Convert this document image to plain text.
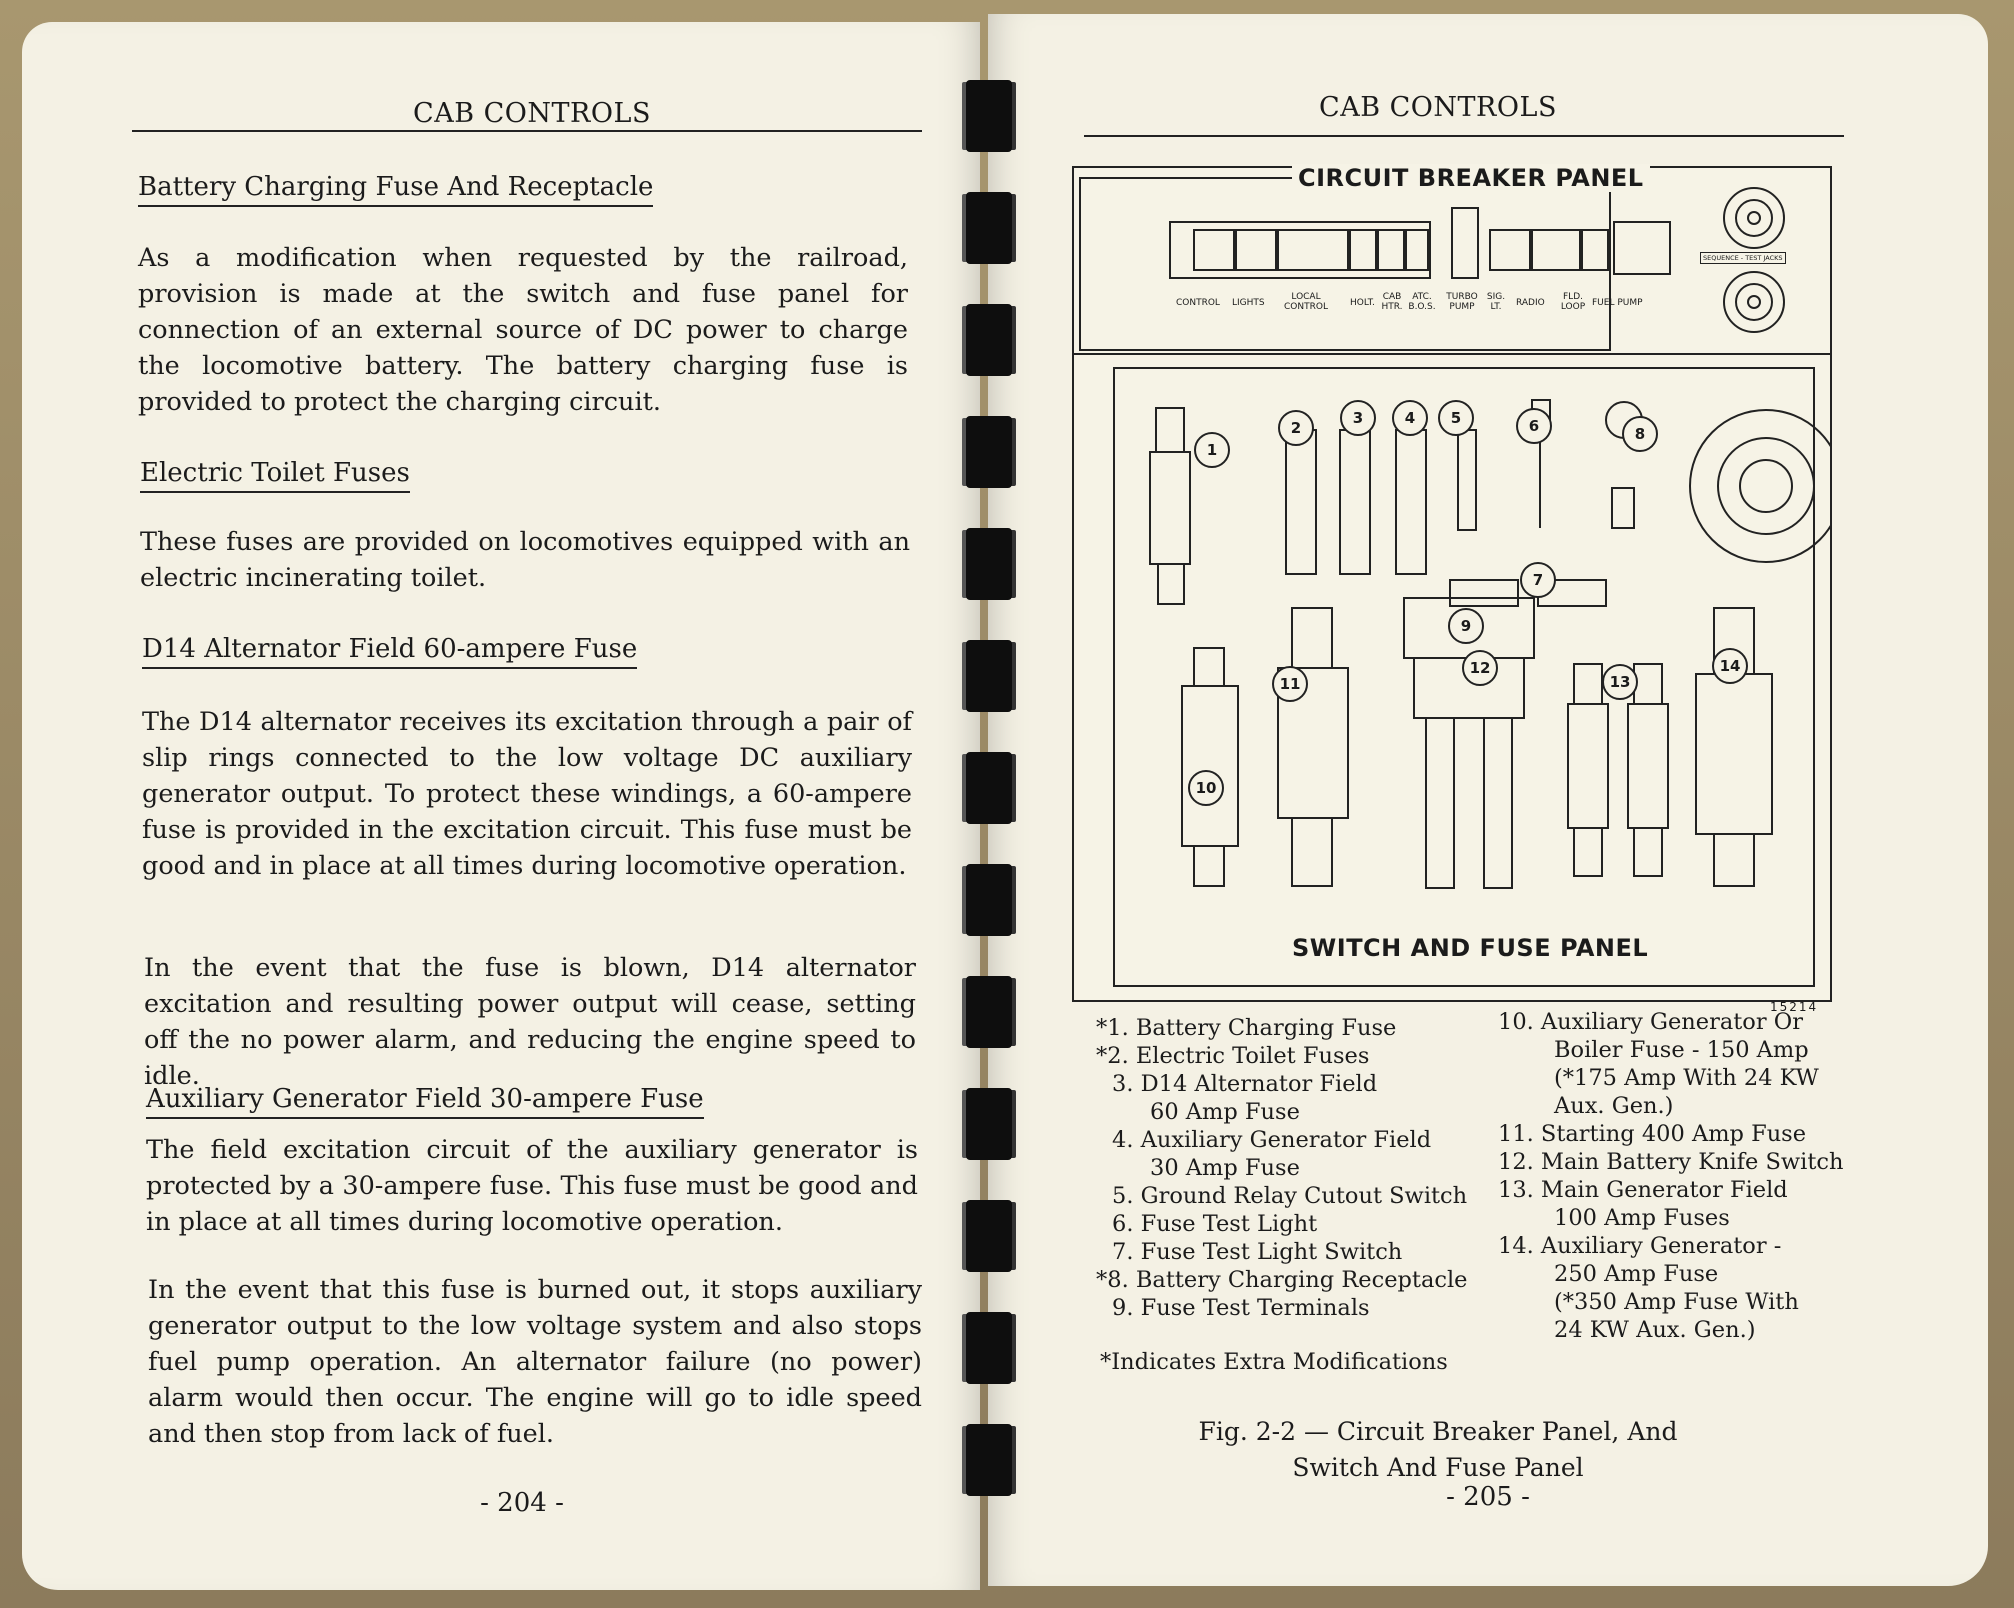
CAB CONTROLS
Battery Charging Fuse And Receptacle
As a modification when requested by the railroad, provision is made at the switch and fuse panel for connection of an external source of DC power to charge the locomotive battery. The battery charging fuse is provided to protect the charging circuit.
Electric Toilet Fuses
These fuses are provided on locomotives equipped with an electric incinerating toilet.
D14 Alternator Field 60-ampere Fuse
The D14 alternator receives its excitation through a pair of slip rings connected to the low voltage DC auxiliary generator output. To protect these windings, a 60-ampere fuse is provided in the excitation circuit. This fuse must be good and in place at all times during locomotive operation.
In the event that the fuse is blown, D14 alternator excitation and resulting power output will cease, setting off the no power alarm, and reducing the engine speed to idle.
Auxiliary Generator Field 30-ampere Fuse
The field excitation circuit of the auxiliary generator is protected by a 30-ampere fuse. This fuse must be good and in place at all times during locomotive operation.
In the event that this fuse is burned out, it stops auxiliary generator output to the low voltage system and also stops fuel pump operation. An alternator failure (no power) alarm would then occur. The engine will go to idle speed and then stop from lack of fuel.
- 204 -
CAB CONTROLS
CIRCUIT BREAKER PANEL
SEQUENCE - TEST JACKS
CONTROL LIGHTS
LOCAL CONTROL HOLT.
CAB HTR.
ATC. B.O.S.
TURBO PUMP
SIG. LT.	RADIO
FLD. LOOP FUEL PUMP
SWITCH AND FUSE PANEL
15214
1
2
3	4	5	6
7
8
9
10
11
12
13
14
*1. Battery Charging Fuse
*2. Electric Toilet Fuses
3. D14 Alternator Field
60 Amp Fuse
4. Auxiliary Generator Field
30 Amp Fuse
5. Ground Relay Cutout Switch
6. Fuse Test Light
7. Fuse Test Light Switch
*8. Battery Charging Receptacle
9. Fuse Test Terminals
*Indicates Extra Modifications
10. Auxiliary Generator Or
Boiler Fuse - 150 Amp
(*175 Amp With 24 KW
Aux. Gen.)
11. Starting 400 Amp Fuse
12. Main Battery Knife Switch
13. Main Generator Field
100 Amp Fuses
14. Auxiliary Generator -
250 Amp Fuse
(*350 Amp Fuse With
24 KW Aux. Gen.)
Fig. 2-2 — Circuit Breaker Panel, And
Switch And Fuse Panel
- 205 -
